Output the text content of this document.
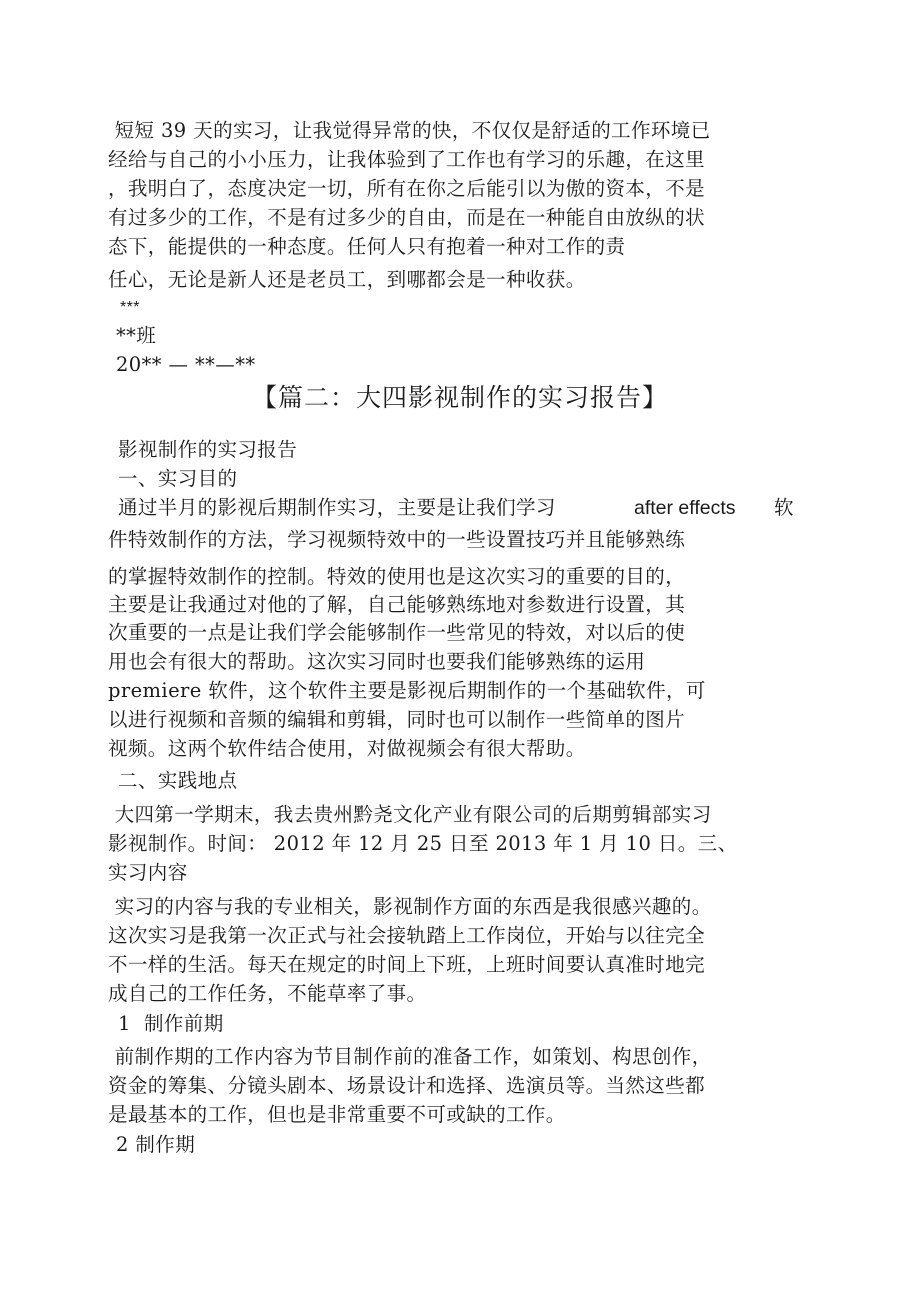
短短 39 天的实习，让我觉得异常的快，不仅仅是舒适的工作环境已
经给与自己的小小压力，让我体验到了工作也有学习的乐趣，在这里
，我明白了，态度决定一切，所有在你之后能引以为傲的资本，不是
有过多少的工作，不是有过多少的自由，而是在一种能自由放纵的状
态下，能提供的一种态度。任何人只有抱着一种对工作的责
任心，无论是新人还是老员工，到哪都会是一种收获。
***
**班
20** — **—**
【篇二：大四影视制作的实习报告】
影视制作的实习报告
一、实习目的
通过半月的影视后期制作实习，主要是让我们学习	after effects 软
件特效制作的方法，学习视频特效中的一些设置技巧并且能够熟练
的掌握特效制作的控制。特效的使用也是这次实习的重要的目的，
主要是让我通过对他的了解，自己能够熟练地对参数进行设置，其
次重要的一点是让我们学会能够制作一些常见的特效，对以后的使
用也会有很大的帮助。这次实习同时也要我们能够熟练的运用
premiere 软件，这个软件主要是影视后期制作的一个基础软件，可
以进行视频和音频的编辑和剪辑，同时也可以制作一些简单的图片
视频。这两个软件结合使用，对做视频会有很大帮助。
二、实践地点
大四第一学期末，我去贵州黔尧文化产业有限公司的后期剪辑部实习
影视制作。时间： 2012 年 12 月 25 日至 2013 年 1 月 10 日。三、
实习内容
实习的内容与我的专业相关，影视制作方面的东西是我很感兴趣的。
这次实习是我第一次正式与社会接轨踏上工作岗位，开始与以往完全
不一样的生活。每天在规定的时间上下班，上班时间要认真准时地完
成自己的工作任务，不能草率了事。
1  制作前期
前制作期的工作内容为节目制作前的准备工作，如策划、构思创作，
资金的筹集、分镜头剧本、场景设计和选择、选演员等。当然这些都
是最基本的工作，但也是非常重要不可或缺的工作。
2 制作期
